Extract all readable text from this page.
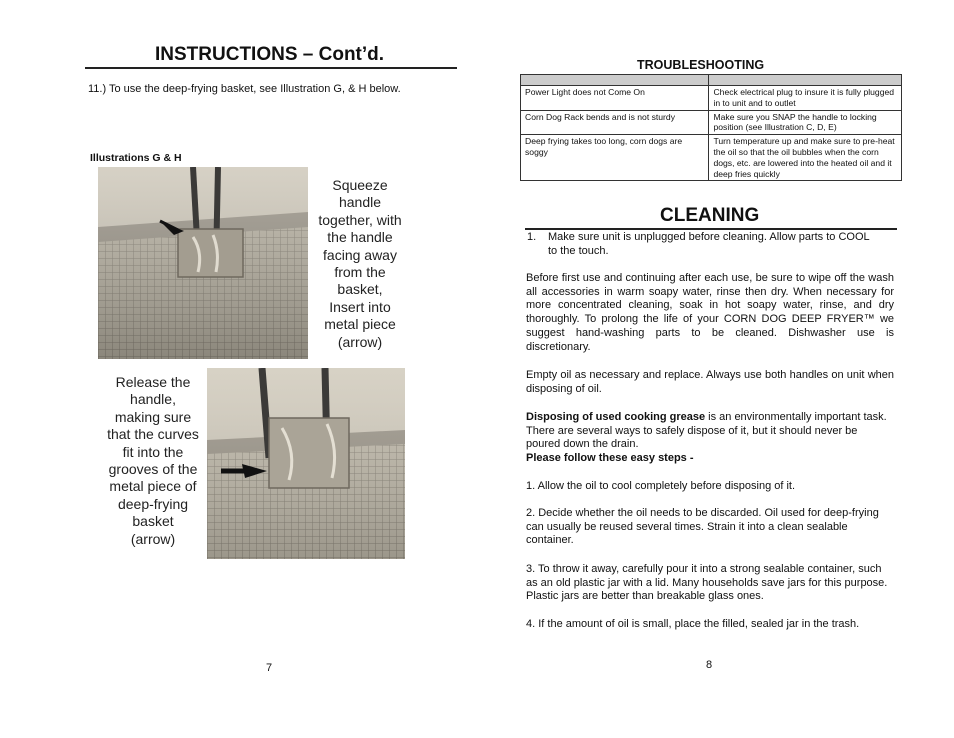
INSTRUCTIONS – Cont’d.
11.) To use the deep-frying basket, see Illustration G, & H below.
Illustrations G & H
Squeeze
handle
together, with
the handle
facing away
from the
basket,
Insert into
metal piece
(arrow)
Release the
handle,
making sure
that the curves
fit into the
grooves of the
metal piece of
deep-frying
basket
(arrow)
7
TROUBLESHOOTING

Power Light does not Come On	Check electrical plug to insure it is fully plugged in to unit and to outlet
Corn Dog Rack bends and is not sturdy	Make sure you SNAP the handle to locking position (see Illustration C, D, E)
Deep frying takes too long, corn dogs are soggy	Turn temperature up and make sure to pre-heat the oil so that the oil bubbles when the corn dogs, etc. are lowered into the heated oil and it deep fries quickly
CLEANING
1.	Make sure unit is unplugged before cleaning. Allow parts to COOL to the touch.
Before first use and continuing after each use, be sure to wipe off the wash all accessories in warm soapy water, rinse then dry. When necessary for more concentrated cleaning, soak in hot soapy water, rinse, and dry thoroughly. To prolong the life of your CORN DOG DEEP FRYER™ we suggest hand-washing parts to be cleaned. Dishwasher use is discretionary.
Empty oil as necessary and replace. Always use both handles on unit when disposing of oil.
Disposing of used cooking grease is an environmentally important task. There are several ways to safely dispose of it, but it should never be poured down the drain.
Please follow these easy steps -
1. Allow the oil to cool completely before disposing of it.
2. Decide whether the oil needs to be discarded. Oil used for deep-frying can usually be reused several times. Strain it into a clean sealable container.
3. To throw it away, carefully pour it into a strong sealable container, such as an old plastic jar with a lid. Many households save jars for this purpose. Plastic jars are better than breakable glass ones.
4. If the amount of oil is small, place the filled, sealed jar in the trash.
8
